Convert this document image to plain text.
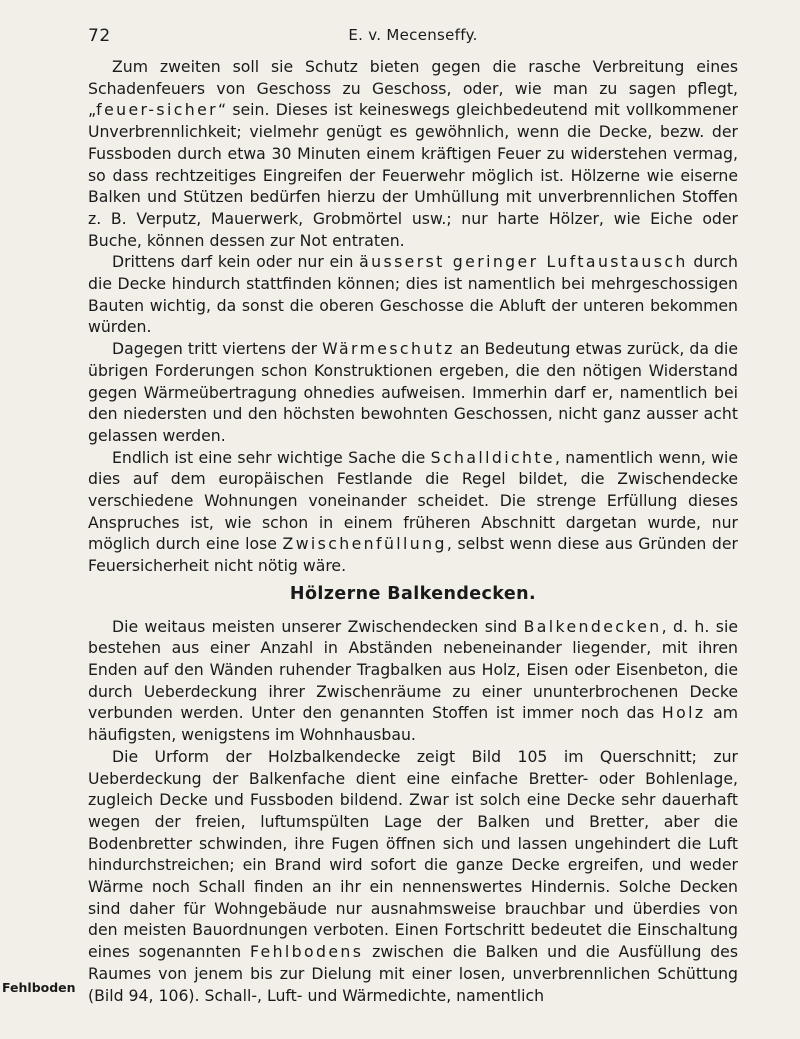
72	E. v. Mecenseffy.

Zum zweiten soll sie Schutz bieten gegen die rasche Verbreitung eines Schadenfeuers von Geschoss zu Geschoss, oder, wie man zu sagen pflegt, „feuer-sicher“ sein. Dieses ist keineswegs gleichbedeutend mit vollkommener Unverbrennlichkeit; vielmehr genügt es gewöhnlich, wenn die Decke, bezw. der Fussboden durch etwa 30 Minuten einem kräftigen Feuer zu widerstehen vermag, so dass rechtzeitiges Eingreifen der Feuerwehr möglich ist. Hölzerne wie eiserne Balken und Stützen bedürfen hierzu der Umhüllung mit unverbrennlichen Stoffen z. B. Verputz, Mauerwerk, Grobmörtel usw.; nur harte Hölzer, wie Eiche oder Buche, können dessen zur Not entraten.

Drittens darf kein oder nur ein äusserst geringer Luftaustausch durch die Decke hindurch stattfinden können; dies ist namentlich bei mehrgeschossigen Bauten wichtig, da sonst die oberen Geschosse die Abluft der unteren bekommen würden.

Dagegen tritt viertens der Wärmeschutz an Bedeutung etwas zurück, da die übrigen Forderungen schon Konstruktionen ergeben, die den nötigen Widerstand gegen Wärmeübertragung ohnedies aufweisen. Immerhin darf er, namentlich bei den niedersten und den höchsten bewohnten Geschossen, nicht ganz ausser acht gelassen werden.

Endlich ist eine sehr wichtige Sache die Schalldichte, namentlich wenn, wie dies auf dem europäischen Festlande die Regel bildet, die Zwischendecke verschiedene Wohnungen voneinander scheidet. Die strenge Erfüllung dieses Anspruches ist, wie schon in einem früheren Abschnitt dargetan wurde, nur möglich durch eine lose Zwischenfüllung, selbst wenn diese aus Gründen der Feuersicherheit nicht nötig wäre.

Hölzerne Balkendecken.

Die weitaus meisten unserer Zwischendecken sind Balkendecken, d. h. sie bestehen aus einer Anzahl in Abständen nebeneinander liegender, mit ihren Enden auf den Wänden ruhender Tragbalken aus Holz, Eisen oder Eisenbeton, die durch Ueberdeckung ihrer Zwischenräume zu einer ununterbrochenen Decke verbunden werden. Unter den genannten Stoffen ist immer noch das Holz am häufigsten, wenigstens im Wohnhausbau.

Die Urform der Holzbalkendecke zeigt Bild 105 im Querschnitt; zur Ueberdeckung der Balkenfache dient eine einfache Bretter- oder Bohlenlage, zugleich Decke und Fussboden bildend. Zwar ist solch eine Decke sehr dauerhaft wegen der freien, luftumspülten Lage der Balken und Bretter, aber die Bodenbretter schwinden, ihre Fugen öffnen sich und lassen ungehindert die Luft hindurchstreichen; ein Brand wird sofort die ganze Decke ergreifen, und weder Wärme noch Schall finden an ihr ein nennenswertes Hindernis. Solche Decken sind daher für Wohngebäude nur ausnahmsweise brauchbar und überdies von den meisten Bauordnungen verboten. Einen Fortschritt bedeutet die Einschaltung eines sogenannten Fehlbodens zwischen die Balken und die Ausfüllung des Raumes von jenem bis zur Dielung mit einer losen, unverbrennlichen Schüttung (Bild 94, 106). Schall-, Luft- und Wärmedichte, namentlich

Fehlboden
